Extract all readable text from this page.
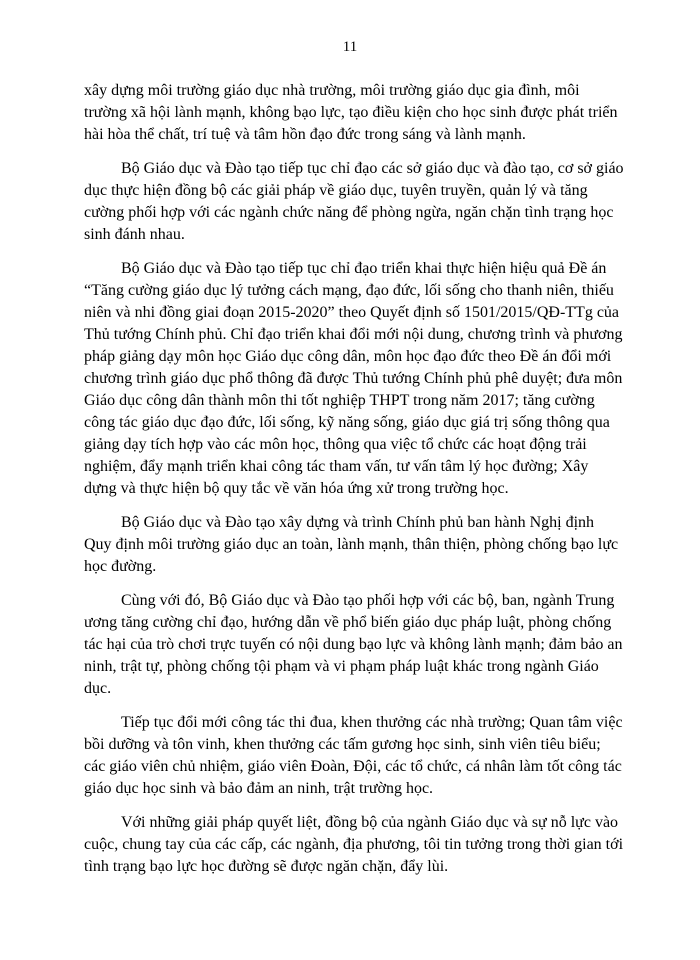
11

xây dựng môi trường giáo dục nhà trường, môi trường giáo dục gia đình, môi trường xã hội lành mạnh, không bạo lực, tạo điều kiện cho học sinh được phát triển hài hòa thể chất, trí tuệ và tâm hồn đạo đức trong sáng và lành mạnh.

Bộ Giáo dục và Đào tạo tiếp tục chỉ đạo các sở giáo dục và đào tạo, cơ sở giáo dục thực hiện đồng bộ các giải pháp về giáo dục, tuyên truyền, quản lý và tăng cường phối hợp với các ngành chức năng để phòng ngừa, ngăn chặn tình trạng học sinh đánh nhau.

Bộ Giáo dục và Đào tạo tiếp tục chỉ đạo triển khai thực hiện hiệu quả Đề án “Tăng cường giáo dục lý tưởng cách mạng, đạo đức, lối sống cho thanh niên, thiếu niên và nhi đồng giai đoạn 2015-2020” theo Quyết định số 1501/2015/QĐ-TTg của Thủ tướng Chính phủ. Chỉ đạo triển khai đổi mới nội dung, chương trình và phương pháp giảng dạy môn học Giáo dục công dân, môn học đạo đức theo Đề án đổi mới chương trình giáo dục phổ thông đã được Thủ tướng Chính phủ phê duyệt; đưa môn Giáo dục công dân thành môn thi tốt nghiệp THPT trong năm 2017; tăng cường công tác giáo dục đạo đức, lối sống, kỹ năng sống, giáo dục giá trị sống thông qua giảng dạy tích hợp vào các môn học, thông qua việc tổ chức các hoạt động trải nghiệm, đẩy mạnh triển khai công tác tham vấn, tư vấn tâm lý học đường; Xây dựng và thực hiện bộ quy tắc về văn hóa ứng xử trong trường học.

Bộ Giáo dục và Đào tạo xây dựng và trình Chính phủ ban hành Nghị định Quy định môi trường giáo dục an toàn, lành mạnh, thân thiện, phòng chống bạo lực học đường.

Cùng với đó, Bộ Giáo dục và Đào tạo phối hợp với các bộ, ban, ngành Trung ương tăng cường chỉ đạo, hướng dẫn về phổ biến giáo dục pháp luật, phòng chống tác hại của trò chơi trực tuyến có nội dung bạo lực và không lành mạnh; đảm bảo an ninh, trật tự, phòng chống tội phạm và vi phạm pháp luật khác trong ngành Giáo dục.

Tiếp tục đổi mới công tác thi đua, khen thưởng các nhà trường; Quan tâm việc bồi dưỡng và tôn vinh, khen thưởng các tấm gương học sinh, sinh viên tiêu biểu; các giáo viên chủ nhiệm, giáo viên Đoàn, Đội, các tổ chức, cá nhân làm tốt công tác giáo dục học sinh và bảo đảm an ninh, trật trường học.

Với những giải pháp quyết liệt, đồng bộ của ngành Giáo dục và sự nỗ lực vào cuộc, chung tay của các cấp, các ngành, địa phương, tôi tin tưởng trong thời gian tới tình trạng bạo lực học đường sẽ được ngăn chặn, đẩy lùi.
